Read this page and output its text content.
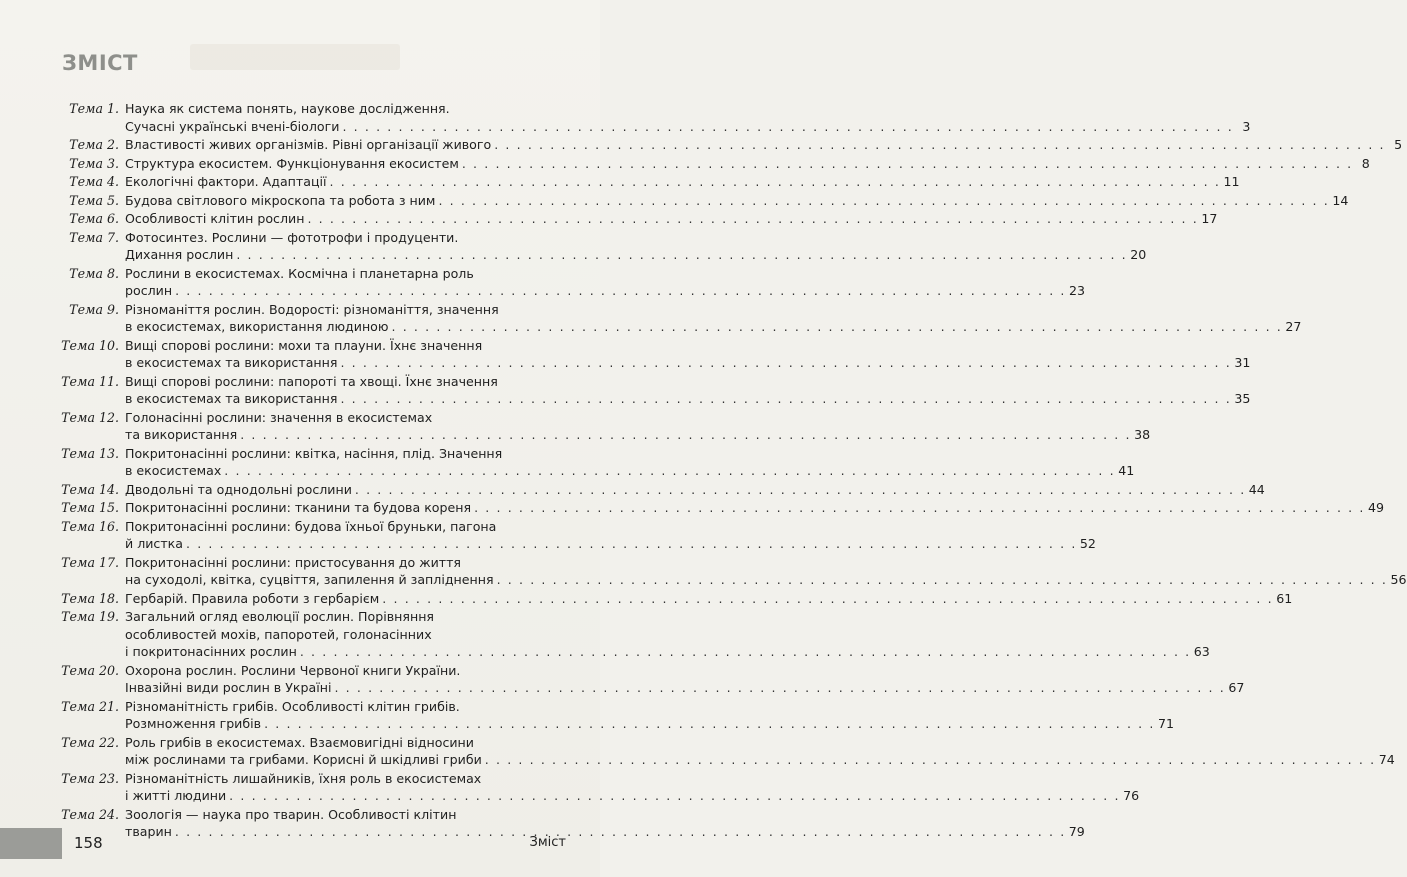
ЗМІСТ
Тема 1. Наука як система понять, наукове дослідження.
Сучасні українські вчені-біологи . . . . . . . . . . . . . . . . . . . . . . . . . . . . . . . . . . . . . . . . . . . . . . . . . . . . . . . . . . . . . . . . . . . . . . . . . . . . . . . . 3
Тема 2. Властивості живих організмів. Рівні організації живого . . . . . . . . . . . . . . . . . . . . . . . . . . . . . . . . . . . . . . . . . . . . . . . . . . . . . . . . . . . . . . . . . . . . . . . . . . . . . . . . 5
Тема 3. Структура екосистем. Функціонування екосистем . . . . . . . . . . . . . . . . . . . . . . . . . . . . . . . . . . . . . . . . . . . . . . . . . . . . . . . . . . . . . . . . . . . . . . . . . . . . . . . . 8
Тема 4. Екологічні фактори. Адаптації . . . . . . . . . . . . . . . . . . . . . . . . . . . . . . . . . . . . . . . . . . . . . . . . . . . . . . . . . . . . . . . . . . . . . . . . . . . . . . . . 11
Тема 5. Будова світлового мікроскопа та робота з ним . . . . . . . . . . . . . . . . . . . . . . . . . . . . . . . . . . . . . . . . . . . . . . . . . . . . . . . . . . . . . . . . . . . . . . . . . . . . . . . . 14
Тема 6. Особливості клітин рослин . . . . . . . . . . . . . . . . . . . . . . . . . . . . . . . . . . . . . . . . . . . . . . . . . . . . . . . . . . . . . . . . . . . . . . . . . . . . . . . . 17
Тема 7. Фотосинтез. Рослини — фототрофи і продуценти.
Дихання рослин . . . . . . . . . . . . . . . . . . . . . . . . . . . . . . . . . . . . . . . . . . . . . . . . . . . . . . . . . . . . . . . . . . . . . . . . . . . . . . . . 20
Тема 8. Рослини в екосистемах. Космічна і планетарна роль
рослин . . . . . . . . . . . . . . . . . . . . . . . . . . . . . . . . . . . . . . . . . . . . . . . . . . . . . . . . . . . . . . . . . . . . . . . . . . . . . . . . 23
Тема 9. Різноманіття рослин. Водорості: різноманіття, значення
в екосистемах, використання людиною . . . . . . . . . . . . . . . . . . . . . . . . . . . . . . . . . . . . . . . . . . . . . . . . . . . . . . . . . . . . . . . . . . . . . . . . . . . . . . . . 27
Тема 10. Вищі спорові рослини: мохи та плауни. Їхнє значення
в екосистемах та використання . . . . . . . . . . . . . . . . . . . . . . . . . . . . . . . . . . . . . . . . . . . . . . . . . . . . . . . . . . . . . . . . . . . . . . . . . . . . . . . . 31
Тема 11. Вищі спорові рослини: папороті та хвощі. Їхнє значення
в екосистемах та використання . . . . . . . . . . . . . . . . . . . . . . . . . . . . . . . . . . . . . . . . . . . . . . . . . . . . . . . . . . . . . . . . . . . . . . . . . . . . . . . . 35
Тема 12. Голонасінні рослини: значення в екосистемах
та використання . . . . . . . . . . . . . . . . . . . . . . . . . . . . . . . . . . . . . . . . . . . . . . . . . . . . . . . . . . . . . . . . . . . . . . . . . . . . . . . . 38
Тема 13. Покритонасінні рослини: квітка, насіння, плід. Значення
в екосистемах . . . . . . . . . . . . . . . . . . . . . . . . . . . . . . . . . . . . . . . . . . . . . . . . . . . . . . . . . . . . . . . . . . . . . . . . . . . . . . . . 41
Тема 14. Дводольні та однодольні рослини . . . . . . . . . . . . . . . . . . . . . . . . . . . . . . . . . . . . . . . . . . . . . . . . . . . . . . . . . . . . . . . . . . . . . . . . . . . . . . . . 44
Тема 15. Покритонасінні рослини: тканини та будова кореня . . . . . . . . . . . . . . . . . . . . . . . . . . . . . . . . . . . . . . . . . . . . . . . . . . . . . . . . . . . . . . . . . . . . . . . . . . . . . . . . 49
Тема 16. Покритонасінні рослини: будова їхньої бруньки, пагона
й листка . . . . . . . . . . . . . . . . . . . . . . . . . . . . . . . . . . . . . . . . . . . . . . . . . . . . . . . . . . . . . . . . . . . . . . . . . . . . . . . . 52
Тема 17. Покритонасінні рослини: пристосування до життя
на суходолі, квітка, суцвіття, запилення й запліднення . . . . . . . . . . . . . . . . . . . . . . . . . . . . . . . . . . . . . . . . . . . . . . . . . . . . . . . . . . . . . . . . . . . . . . . . . . . . . . . . 56
Тема 18. Гербарій. Правила роботи з гербарієм . . . . . . . . . . . . . . . . . . . . . . . . . . . . . . . . . . . . . . . . . . . . . . . . . . . . . . . . . . . . . . . . . . . . . . . . . . . . . . . . 61
Тема 19. Загальний огляд еволюції рослин. Порівняння
особливостей мохів, папоротей, голонасінних
і покритонасінних рослин . . . . . . . . . . . . . . . . . . . . . . . . . . . . . . . . . . . . . . . . . . . . . . . . . . . . . . . . . . . . . . . . . . . . . . . . . . . . . . . . 63
Тема 20. Охорона рослин. Рослини Червоної книги України.
Інвазійні види рослин в Україні . . . . . . . . . . . . . . . . . . . . . . . . . . . . . . . . . . . . . . . . . . . . . . . . . . . . . . . . . . . . . . . . . . . . . . . . . . . . . . . . 67
Тема 21. Різноманітність грибів. Особливості клітин грибів.
Розмноження грибів . . . . . . . . . . . . . . . . . . . . . . . . . . . . . . . . . . . . . . . . . . . . . . . . . . . . . . . . . . . . . . . . . . . . . . . . . . . . . . . . 71
Тема 22. Роль грибів в екосистемах. Взаємовигідні відносини
між рослинами та грибами. Корисні й шкідливі гриби . . . . . . . . . . . . . . . . . . . . . . . . . . . . . . . . . . . . . . . . . . . . . . . . . . . . . . . . . . . . . . . . . . . . . . . . . . . . . . . . 74
Тема 23. Різноманітність лишайників, їхня роль в екосистемах
і житті людини . . . . . . . . . . . . . . . . . . . . . . . . . . . . . . . . . . . . . . . . . . . . . . . . . . . . . . . . . . . . . . . . . . . . . . . . . . . . . . . . 76
Тема 24. Зоологія — наука про тварин. Особливості клітин
тварин . . . . . . . . . . . . . . . . . . . . . . . . . . . . . . . . . . . . . . . . . . . . . . . . . . . . . . . . . . . . . . . . . . . . . . . . . . . . . . . . 79
158	Зміст
